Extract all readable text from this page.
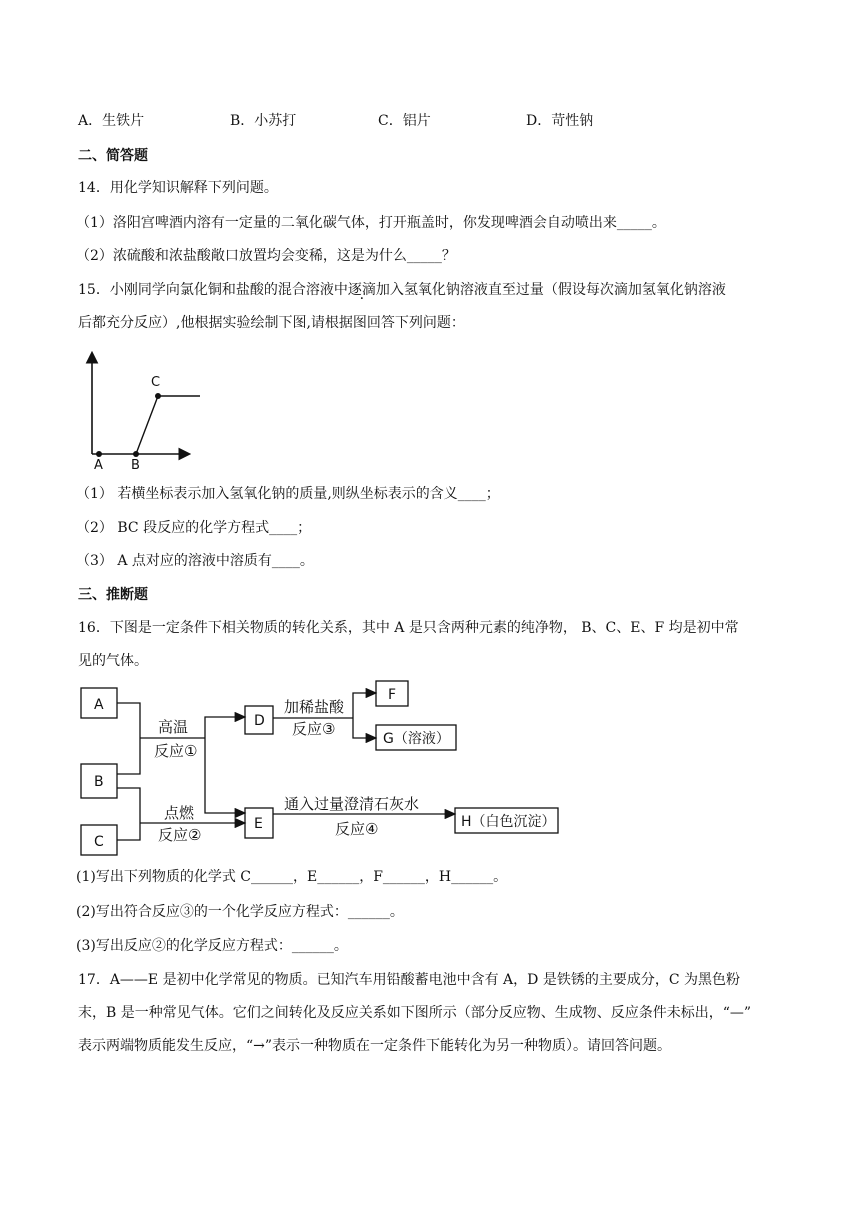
A．生铁片	B．小苏打	C．铝片	D．苛性钠
二、简答题
14．用化学知识解释下列问题。
（1）洛阳宫啤酒内溶有一定量的二氧化碳气体，打开瓶盖时，你发现啤酒会自动喷出来_____。
（2）浓硫酸和浓盐酸敞口放置均会变稀，这是为什么_____？
15．小刚同学向氯化铜和盐酸的混合溶液中逐滴加入氢氧化钠溶液直至过量（假设每次滴加氢氧化钠溶液
后都充分反应）,他根据实验绘制下图,请根据图回答下列问题：
A B
C
（1） 若横坐标表示加入氢氧化钠的质量,则纵坐标表示的含义____；
（2） BC 段反应的化学方程式____；
（3） A 点对应的溶液中溶质有____。
三、推断题
16．下图是一定条件下相关物质的转化关系，其中 A 是只含两种元素的纯净物， B、C、E、F 均是初中常
见的气体。
A
B
C
D
E
F
G（溶液）
H（白色沉淀）
高温
反应①
点燃
反应②
加稀盐酸
反应③
通入过量澄清石灰水
反应④
(1)写出下列物质的化学式 C______，E______，F______，H______。
(2)写出符合反应③的一个化学反应方程式：______。
(3)写出反应②的化学反应方程式：______。
17．A——E 是初中化学常见的物质。已知汽车用铅酸蓄电池中含有 A，D 是铁锈的主要成分，C 为黑色粉
末，B 是一种常见气体。它们之间转化及反应关系如下图所示（部分反应物、生成物、反应条件未标出，“—”
表示两端物质能发生反应，“→”表示一种物质在一定条件下能转化为另一种物质）。请回答问题。
